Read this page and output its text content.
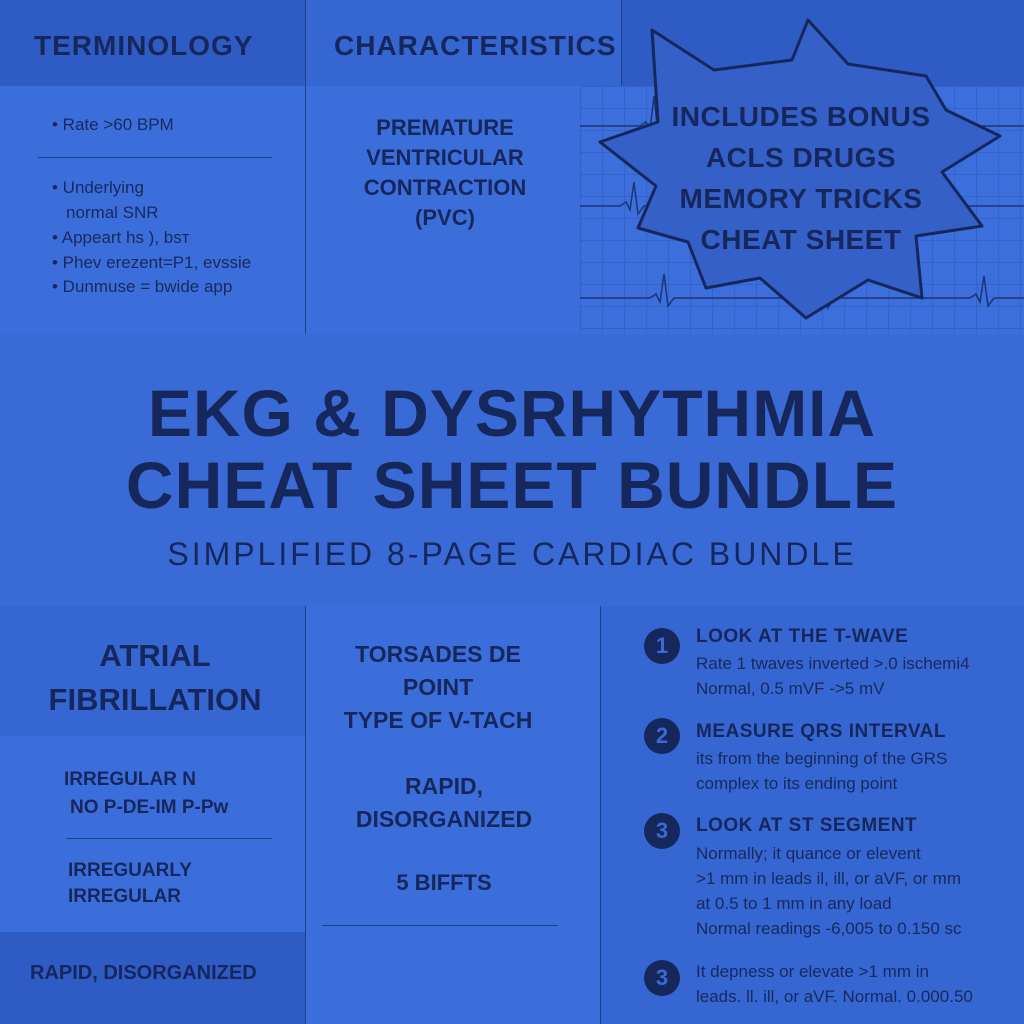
TERMINOLOGY
• Rate >60 BPM
• Underlying
normal SNR
• Appeart hs ), bsт
• Phev erezent=P1, evssie
• Dunmuse = bwide app
CHARACTERISTICS
PREMATURE
VENTRICULAR
CONTRACTION
(PVC)
INCLUDES BONUS
ACLS DRUGS
MEMORY TRICKS
CHEAT SHEET
EKG & DYSRHYTHMIA
CHEAT SHEET BUNDLE
SIMPLIFIED 8-PAGE CARDIAC BUNDLE
ATRIAL
FIBRILLATION
IRREGULAR N
NO P-DE-IM P-Pw
IRREGUARLY
IRREGULAR
RAPID, DISORGANIZED
TORSADES DE
POINT
TYPE OF V-TACH
RAPID,
DISORGANIZED
5 BIFFTS
1	LOOK AT THE T-WAVE
Rate 1 twaves inverted >.0 ischemi4
Normal, 0.5 mVF ->5 mV
2	MEASURE QRS INTERVAL
its from the beginning of the GRS
complex to its ending point
3	LOOK AT ST SEGMENT
Normally; it quance or elevent
>1 mm in leads il, ill, or aVF, or mm
at 0.5 to 1 mm in any load
Normal readings -6,005 to 0.150 sc
3	It depness or elevate >1 mm in
leads. ll. ill, or aVF. Normal. 0.000.50
